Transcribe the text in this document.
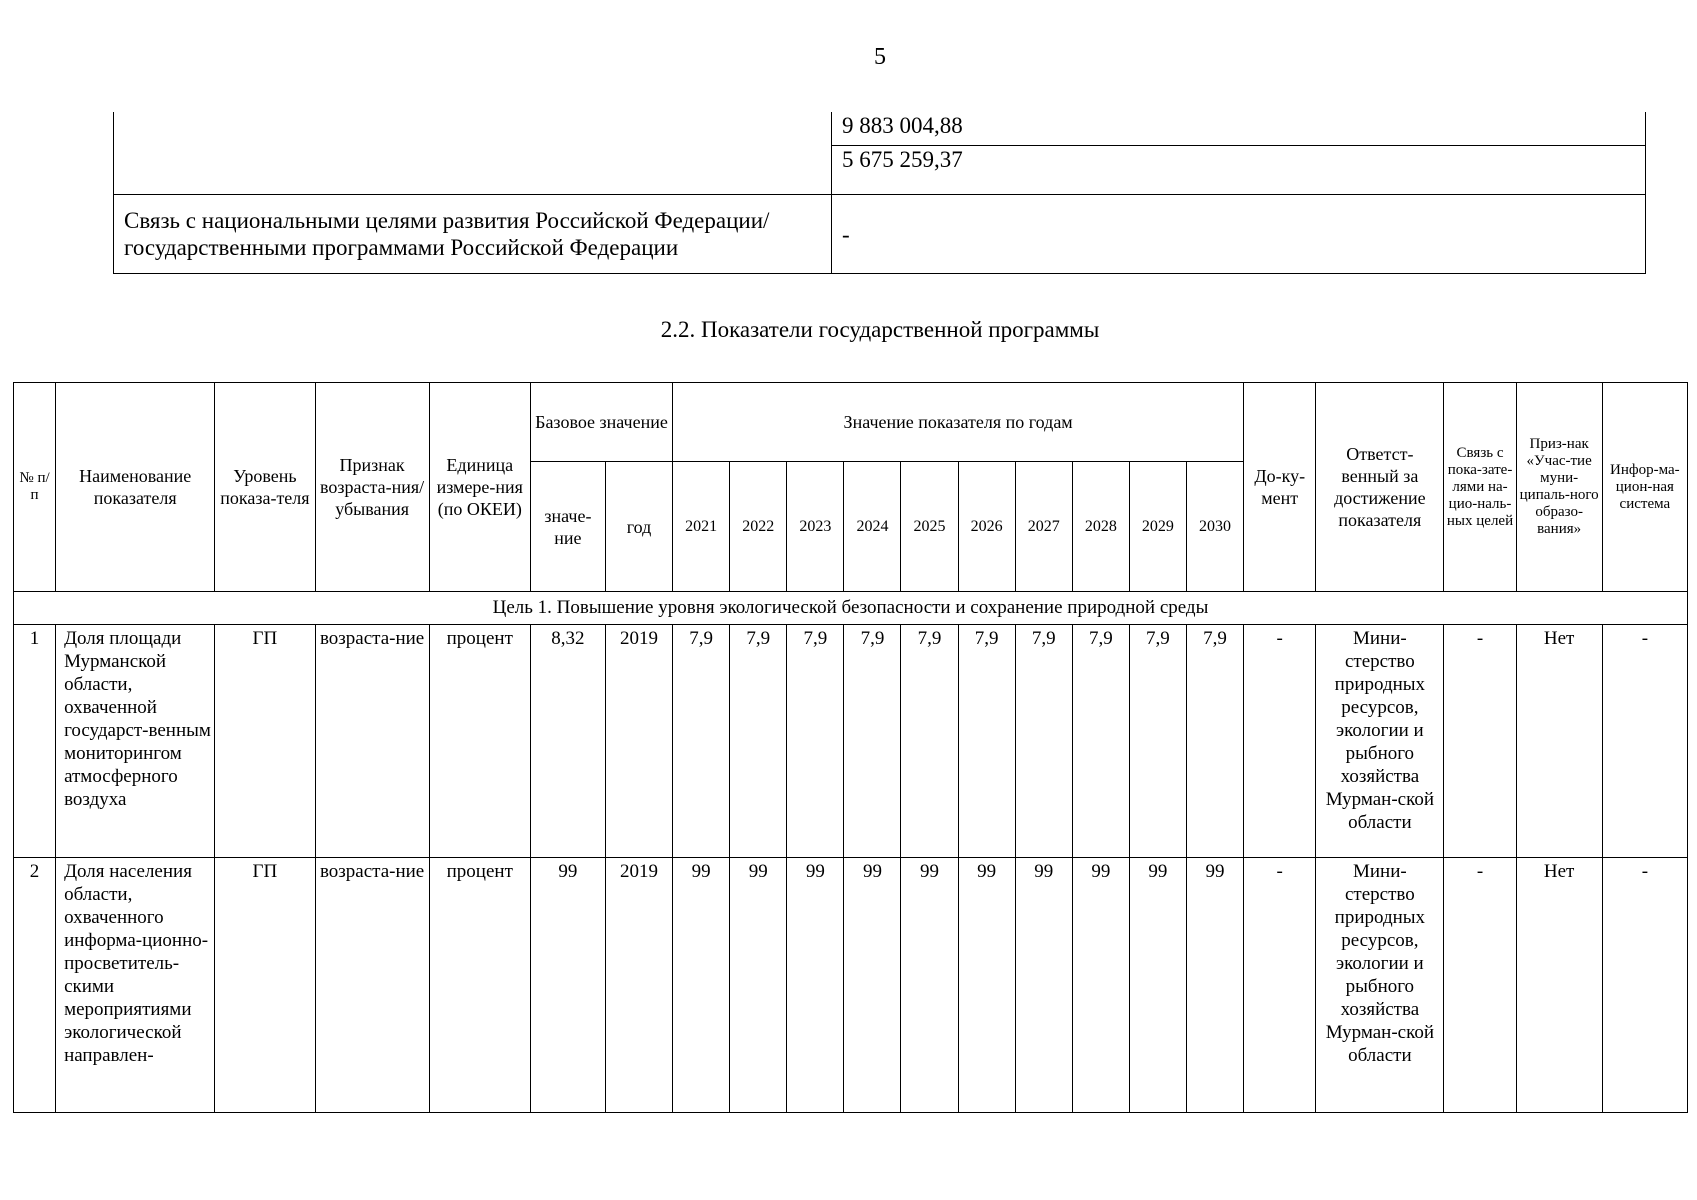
5
	9 883 004,88
	5 675 259,37

Связь с национальными целями развития Российской Федерации/
государственными программами Российской Федерации	-
2.2. Показатели государственной программы
№ п/п	Наименование показателя	Уровень показа-теля	Признак возраста-ния/ убывания	Единица измере-ния (по ОКЕИ)	Базовое значение		Значение показателя по годам										До-ку-мент	Ответст-венный за достижение показателя	Связь с пока-зате-лями на-цио-наль-ных целей	Приз-нак «Учас-тие муни-ципаль-ного образо-вания»	Инфор-ма-цион-ная система
					значе-ние	год	2021	2022	2023	2024	2025	2026	2027	2028	2029	2030					
Цель 1. Повышение уровня экологической безопасности и сохранение природной среды																					
1	Доля площади Мурманской области, охваченной государст-венным мониторингом атмосферного воздуха	ГП	возраста-ние	процент	8,32	2019	7,9	7,9	7,9	7,9	7,9	7,9	7,9	7,9	7,9	7,9	-	Мини-стерство природных ресурсов, экологии и рыбного хозяйства Мурман-ской области	-	Нет	-
2	Доля населения области, охваченного информа-ционно-просветитель-скими мероприятиями экологической направлен-	ГП	возраста-ние	процент	99	2019	99	99	99	99	99	99	99	99	99	99	-	Мини-стерство природных ресурсов, экологии и рыбного хозяйства Мурман-ской области	-	Нет	-
